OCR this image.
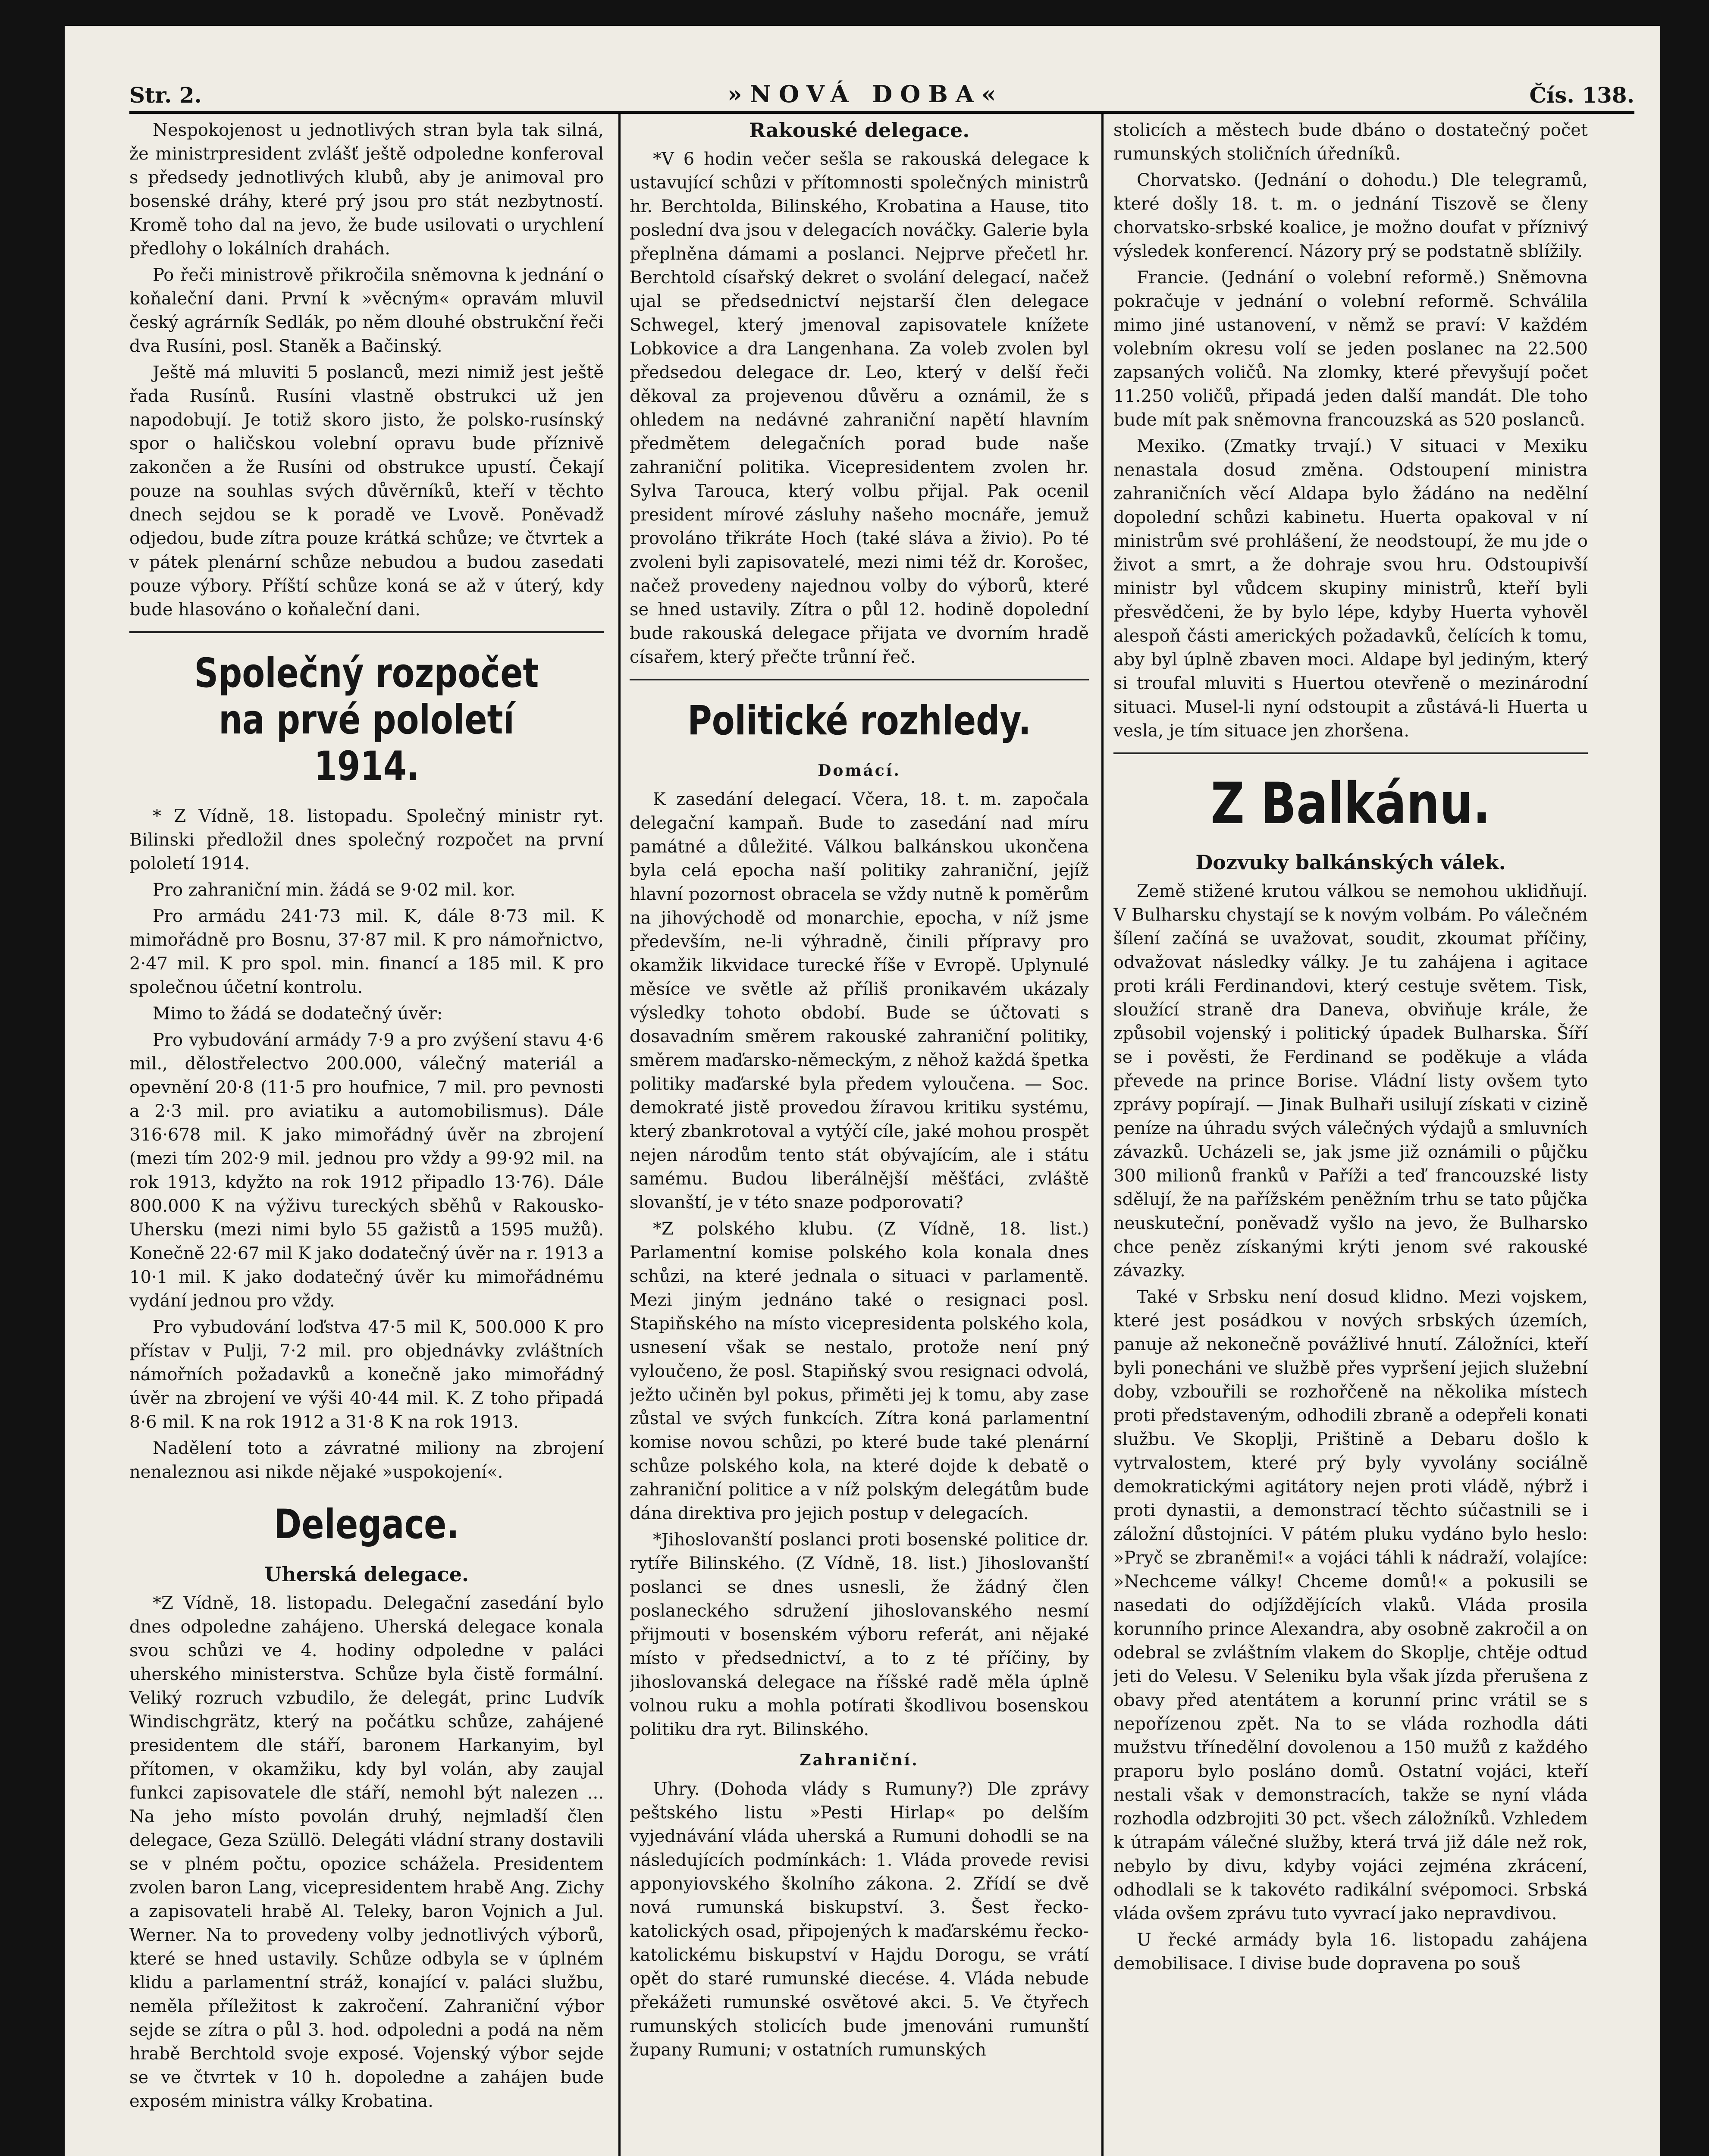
Str. 2.	»NOVÁ DOBA«	Čís. 138.

Nespokojenost u jednotlivých stran byla tak silná, že ministrpresident zvlášť ještě odpoledne konferoval s předsedy jednotlivých klubů, aby je animoval pro bosenské dráhy, které prý jsou pro stát nezbytností. Kromě toho dal na jevo, že bude usilovati o urychlení předlohy o lokálních drahách.

Po řeči ministrově přikročila sněmovna k jednání o koňaleční dani. První k »věcným« opravám mluvil český agrárník Sedlák, po něm dlouhé obstrukční řeči dva Rusíni, posl. Staněk a Bačinský.

Ještě má mluviti 5 poslanců, mezi nimiž jest ještě řada Rusínů. Rusíni vlastně obstrukci už jen napodobují. Je totiž skoro jisto, že polsko-rusínský spor o haličskou volební opravu bude příznivě zakončen a že Rusíni od obstrukce upustí. Čekají pouze na souhlas svých důvěrníků, kteří v těchto dnech sejdou se k poradě ve Lvově. Poněvadž odjedou, bude zítra pouze krátká schůze; ve čtvrtek a v pátek plenární schůze nebudou a budou zasedati pouze výbory. Příští schůze koná se až v úterý, kdy bude hlasováno o koňaleční dani.

Společný rozpočet na prvé pololetí 1914.

* Z Vídně, 18. listopadu. Společný ministr ryt. Bilinski předložil dnes společný rozpočet na první pololetí 1914.

Pro zahraniční min. žádá se 9·02 mil. kor.

Pro armádu 241·73 mil. K, dále 8·73 mil. K mimořádně pro Bosnu, 37·87 mil. K pro námořnictvo, 2·47 mil. K pro spol. min. financí a 185 mil. K pro společnou účetní kontrolu.

Mimo to žádá se dodatečný úvěr:

Pro vybudování armády 7·9 a pro zvýšení stavu 4·6 mil., dělostřelectvo 200.000, válečný materiál a opevnění 20·8 (11·5 pro houfnice, 7 mil. pro pevnosti a 2·3 mil. pro aviatiku a automobilismus). Dále 316·678 mil. K jako mimořádný úvěr na zbrojení (mezi tím 202·9 mil. jednou pro vždy a 99·92 mil. na rok 1913, kdyžto na rok 1912 připadlo 13·76). Dále 800.000 K na výživu tureckých sběhů v Rakousko-Uhersku (mezi nimi bylo 55 gažistů a 1595 mužů). Konečně 22·67 mil K jako dodatečný úvěr na r. 1913 a 10·1 mil. K jako dodatečný úvěr ku mimořádnému vydání jednou pro vždy.

Pro vybudování loďstva 47·5 mil K, 500.000 K pro přístav v Pulji, 7·2 mil. pro objednávky zvláštních námořních požadavků a konečně jako mimořádný úvěr na zbrojení ve výši 40·44 mil. K. Z toho připadá 8·6 mil. K na rok 1912 a 31·8 K na rok 1913.

Nadělení toto a závratné miliony na zbrojení nenaleznou asi nikde nějaké »uspokojení«.

Delegace.
Uherská delegace.

*Z Vídně, 18. listopadu. Delegační zasedání bylo dnes odpoledne zahájeno. Uherská delegace konala svou schůzi ve 4. hodiny odpoledne v paláci uherského ministerstva. Schůze byla čistě formální. Veliký rozruch vzbudilo, že delegát, princ Ludvík Windischgrätz, který na počátku schůze, zahájené presidentem dle stáří, baronem Harkanyim, byl přítomen, v okamžiku, kdy byl volán, aby zaujal funkci zapisovatele dle stáří, nemohl být nalezen ... Na jeho místo povolán druhý, nejmladší člen delegace, Geza Szüllö. Delegáti vládní strany dostavili se v plném počtu, opozice schážela. Presidentem zvolen baron Lang, vicepresidentem hrabě Ang. Zichy a zapisovateli hrabě Al. Teleky, baron Vojnich a Jul. Werner. Na to provedeny volby jednotlivých výborů, které se hned ustavily. Schůze odbyla se v úplném klidu a parlamentní stráž, konající v. paláci službu, neměla příležitost k zakročení. Zahraniční výbor sejde se zítra o půl 3. hod. odpoledni a podá na něm hrabě Berchtold svoje exposé. Vojenský výbor sejde se ve čtvrtek v 10 h. dopoledne a zahájen bude exposém ministra války Krobatina.

Rakouské delegace.

*V 6 hodin večer sešla se rakouská delegace k ustavující schůzi v přítomnosti společných ministrů hr. Berchtolda, Bilinského, Krobatina a Hause, tito poslední dva jsou v delegacích nováčky. Galerie byla přeplněna dámami a poslanci. Nejprve přečetl hr. Berchtold císařský dekret o svolání delegací, načež ujal se předsednictví nejstarší člen delegace Schwegel, který jmenoval zapisovatele knížete Lobkovice a dra Langenhana. Za voleb zvolen byl předsedou delegace dr. Leo, který v delší řeči děkoval za projevenou důvěru a oznámil, že s ohledem na nedávné zahraniční napětí hlavním předmětem delegačních porad bude naše zahraniční politika. Vicepresidentem zvolen hr. Sylva Tarouca, který volbu přijal. Pak ocenil president mírové zásluhy našeho mocnáře, jemuž provoláno třikráte Hoch (také sláva a živio). Po té zvoleni byli zapisovatelé, mezi nimi též dr. Korošec, načež provedeny najednou volby do výborů, které se hned ustavily. Zítra o půl 12. hodině dopolední bude rakouská delegace přijata ve dvorním hradě císařem, který přečte trůnní řeč.

Politické rozhledy.
Domácí.

K zasedání delegací. Včera, 18. t. m. započala delegační kampaň. Bude to zasedání nad míru památné a důležité. Válkou balkánskou ukončena byla celá epocha naší politiky zahraniční, jejíž hlavní pozornost obracela se vždy nutně k poměrům na jihovýchodě od monarchie, epocha, v níž jsme především, ne-li výhradně, činili přípravy pro okamžik likvidace turecké říše v Evropě. Uplynulé měsíce ve světle až příliš pronikavém ukázaly výsledky tohoto období. Bude se účtovati s dosavadním směrem rakouské zahraniční politiky, směrem maďarsko-německým, z něhož každá špetka politiky maďarské byla předem vyloučena. — Soc. demokraté jistě provedou žíravou kritiku systému, který zbankrotoval a vytýčí cíle, jaké mohou prospět nejen národům tento stát obývajícím, ale i státu samému. Budou liberálnější měšťáci, zvláště slovanští, je v této snaze podporovati?

*Z polského klubu. (Z Vídně, 18. list.) Parlamentní komise polského kola konala dnes schůzi, na které jednala o situaci v parlamentě. Mezi jiným jednáno také o resignaci posl. Stapiňského na místo vicepresidenta polského kola, usnesení však se nestalo, protože není pný vyloučeno, že posl. Stapiňský svou resignaci odvolá, ježto učiněn byl pokus, přiměti jej k tomu, aby zase zůstal ve svých funkcích. Zítra koná parlamentní komise novou schůzi, po které bude také plenární schůze polského kola, na které dojde k debatě o zahraniční politice a v níž polským delegátům bude dána direktiva pro jejich postup v delegacích.

*Jihoslovanští poslanci proti bosenské politice dr. rytíře Bilinského. (Z Vídně, 18. list.) Jihoslovanští poslanci se dnes usnesli, že žádný člen poslaneckého sdružení jihoslovanského nesmí přijmouti v bosenském výboru referát, ani nějaké místo v předsednictví, a to z té příčiny, by jihoslovanská delegace na říšské radě měla úplně volnou ruku a mohla potírati škodlivou bosenskou politiku dra ryt. Bilinského.

Zahraniční.

Uhry. (Dohoda vlády s Rumuny?) Dle zprávy peštského listu »Pesti Hirlap« po delším vyjednávání vláda uherská a Rumuni dohodli se na následujících podmínkách: 1. Vláda provede revisi apponyiovského školního zákona. 2. Zřídí se dvě nová rumunská biskupství. 3. Šest řecko-katolických osad, připojených k maďarskému řecko-katolickému biskupství v Hajdu Dorogu, se vrátí opět do staré rumunské diecése. 4. Vláda nebude překážeti rumunské osvětové akci. 5. Ve čtyřech rumunských stolicích bude jmenováni rumunští župany Rumuni; v ostatních rumunských

stolicích a městech bude dbáno o dostatečný počet rumunských stoličních úředníků.

Chorvatsko. (Jednání o dohodu.) Dle telegramů, které došly 18. t. m. o jednání Tiszově se členy chorvatsko-srbské koalice, je možno doufat v příznivý výsledek konferencí. Názory prý se podstatně sblížily.

Francie. (Jednání o volební reformě.) Sněmovna pokračuje v jednání o volební reformě. Schválila mimo jiné ustanovení, v němž se praví: V každém volebním okresu volí se jeden poslanec na 22.500 zapsaných voličů. Na zlomky, které převyšují počet 11.250 voličů, připadá jeden další mandát. Dle toho bude mít pak sněmovna francouzská as 520 poslanců.

Mexiko. (Zmatky trvají.) V situaci v Mexiku nenastala dosud změna. Odstoupení ministra zahraničních věcí Aldapa bylo žádáno na nedělní dopolední schůzi kabinetu. Huerta opakoval v ní ministrům své prohlášení, že neodstoupí, že mu jde o život a smrt, a že dohraje svou hru. Odstoupivší ministr byl vůdcem skupiny ministrů, kteří byli přesvědčeni, že by bylo lépe, kdyby Huerta vyhověl alespoň části amerických požadavků, čelících k tomu, aby byl úplně zbaven moci. Aldape byl jediným, který si troufal mluviti s Huertou otevřeně o mezinárodní situaci. Musel-li nyní odstoupit a zůstává-li Huerta u vesla, je tím situace jen zhoršena.

Z Balkánu.
Dozvuky balkánských válek.

Země stižené krutou válkou se nemohou uklidňují. V Bulharsku chystají se k novým volbám. Po válečném šílení začíná se uvažovat, soudit, zkoumat příčiny, odvažovat následky války. Je tu zahájena i agitace proti králi Ferdinandovi, který cestuje světem. Tisk, sloužící straně dra Daneva, obviňuje krále, že způsobil vojenský i politický úpadek Bulharska. Šíří se i pověsti, že Ferdinand se poděkuje a vláda převede na prince Borise. Vládní listy ovšem tyto zprávy popírají. — Jinak Bulhaři usilují získati v cizině peníze na úhradu svých válečných výdajů a smluvních závazků. Ucházeli se, jak jsme již oznámili o půjčku 300 milionů franků v Paříži a teď francouzské listy sdělují, že na pařížském peněžním trhu se tato půjčka neuskuteční, poněvadž vyšlo na jevo, že Bulharsko chce peněz získanými krýti jenom své rakouské závazky.

Také v Srbsku není dosud klidno. Mezi vojskem, které jest posádkou v nových srbských územích, panuje až nekonečně povážlivé hnutí. Záložníci, kteří byli ponecháni ve službě přes vypršení jejich služební doby, vzbouřili se rozhořčeně na několika místech proti představeným, odhodili zbraně a odepřeli konati službu. Ve Skoplji, Prištině a Debaru došlo k vytrvalostem, které prý byly vyvolány sociálně demokratickými agitátory nejen proti vládě, nýbrž i proti dynastii, a demonstrací těchto súčastnili se i záložní důstojníci. V pátém pluku vydáno bylo heslo: »Pryč se zbraněmi!« a vojáci táhli k nádraží, volajíce: »Nechceme války! Chceme domů!« a pokusili se nasedati do odjíždějících vlaků. Vláda prosila korunního prince Alexandra, aby osobně zakročil a on odebral se zvláštním vlakem do Skoplje, chtěje odtud jeti do Velesu. V Seleniku byla však jízda přerušena z obavy před atentátem a korunní princ vrátil se s nepořízenou zpět. Na to se vláda rozhodla dáti mužstvu třínedělní dovolenou a 150 mužů z každého praporu bylo posláno domů. Ostatní vojáci, kteří nestali však v demonstracích, takže se nyní vláda rozhodla odzbrojiti 30 pct. všech záložníků. Vzhledem k útrapám válečné služby, která trvá již dále než rok, nebylo by divu, kdyby vojáci zejména zkrácení, odhodlali se k takovéto radikální svépomoci. Srbská vláda ovšem zprávu tuto vyvrací jako nepravdivou.

U řecké armády byla 16. listopadu zahájena demobilisace. I divise bude dopravena po souš
